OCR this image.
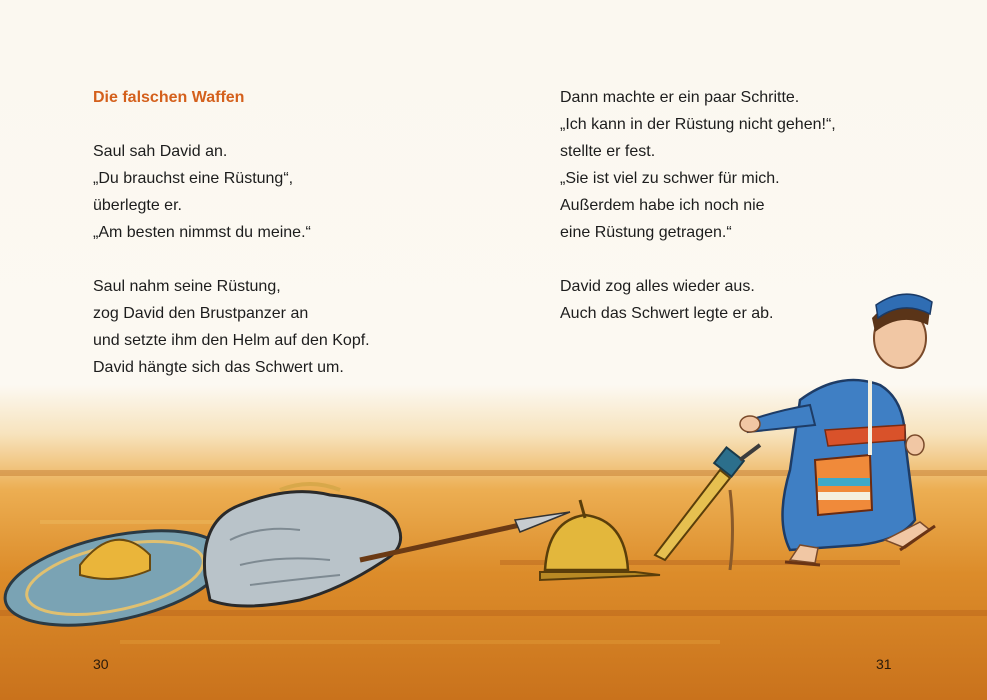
Die falschen Waffen
Saul sah David an.
„Du brauchst eine Rüstung“,
überlegte er.
„Am besten nimmst du meine.“
Saul nahm seine Rüstung,
zog David den Brustpanzer an
und setzte ihm den Helm auf den Kopf.
David hängte sich das Schwert um.
Dann machte er ein paar Schritte.
„Ich kann in der Rüstung nicht gehen!“,
stellte er fest.
„Sie ist viel zu schwer für mich.
Außerdem habe ich noch nie
eine Rüstung getragen.“
David zog alles wieder aus.
Auch das Schwert legte er ab.
30	31
